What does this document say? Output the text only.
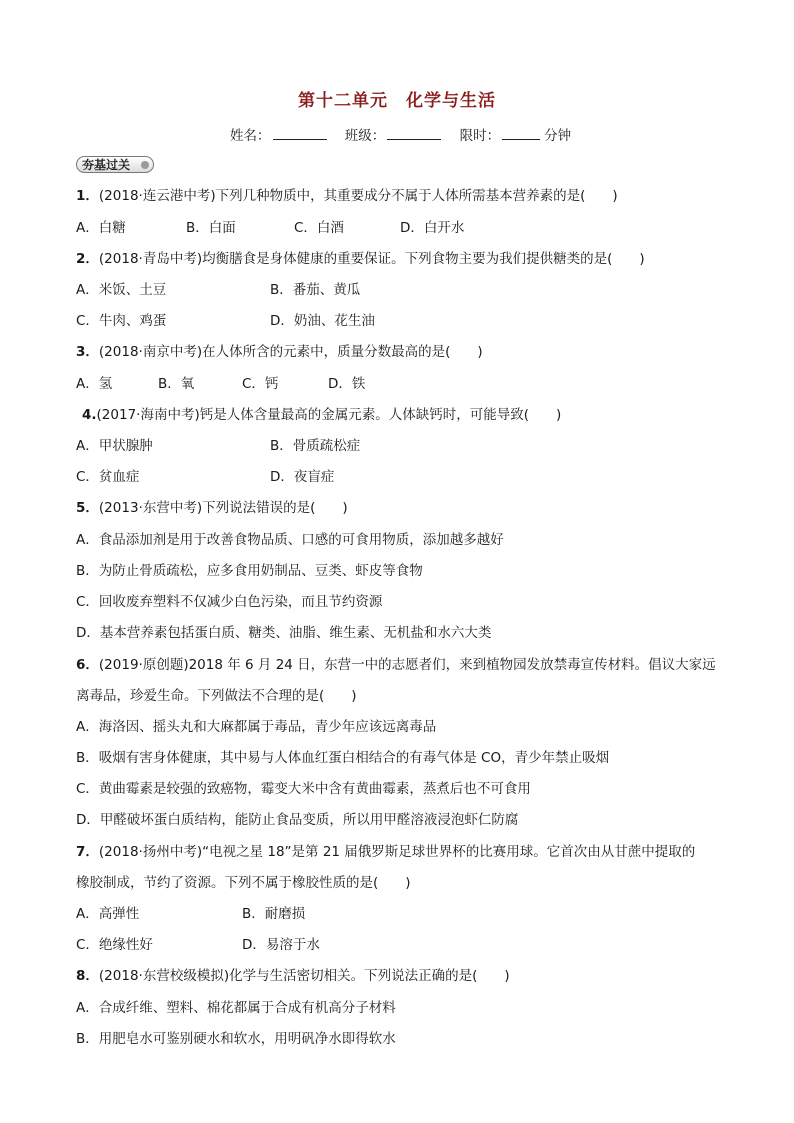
第十二单元　化学与生活
姓名：	班级：	限时：	分钟
夯基过关
1．(2018·连云港中考)下列几种物质中，其重要成分不属于人体所需基本营养素的是(　　)
A．白糖	B．白面	C．白酒	D．白开水
2．(2018·青岛中考)均衡膳食是身体健康的重要保证。下列食物主要为我们提供糖类的是(　　)
A．米饭、土豆	B．番茄、黄瓜
C．牛肉、鸡蛋	D．奶油、花生油
3．(2018·南京中考)在人体所含的元素中，质量分数最高的是(　　)
A．氢	B．氧	C．钙	D．铁
4.(2017·海南中考)钙是人体含量最高的金属元素。人体缺钙时，可能导致(　　)
A．甲状腺肿	B．骨质疏松症
C．贫血症	D．夜盲症
5．(2013·东营中考)下列说法错误的是(　　)
A．食品添加剂是用于改善食物品质、口感的可食用物质，添加越多越好
B．为防止骨质疏松，应多食用奶制品、豆类、虾皮等食物
C．回收废弃塑料不仅减少白色污染，而且节约资源
D．基本营养素包括蛋白质、糖类、油脂、维生素、无机盐和水六大类
6．(2019·原创题)2018 年 6 月 24 日，东营一中的志愿者们，来到植物园发放禁毒宣传材料。倡议大家远
离毒品，珍爱生命。下列做法不合理的是(　　)
A．海洛因、摇头丸和大麻都属于毒品，青少年应该远离毒品
B．吸烟有害身体健康，其中易与人体血红蛋白相结合的有毒气体是 CO，青少年禁止吸烟
C．黄曲霉素是较强的致癌物，霉变大米中含有黄曲霉素，蒸煮后也不可食用
D．甲醛破坏蛋白质结构，能防止食品变质，所以用甲醛溶液浸泡虾仁防腐
7．(2018·扬州中考)“电视之星 18”是第 21 届俄罗斯足球世界杯的比赛用球。它首次由从甘蔗中提取的
橡胶制成，节约了资源。下列不属于橡胶性质的是(　　)
A．高弹性	B．耐磨损
C．绝缘性好	D．易溶于水
8．(2018·东营校级模拟)化学与生活密切相关。下列说法正确的是(　　)
A．合成纤维、塑料、棉花都属于合成有机高分子材料
B．用肥皂水可鉴别硬水和软水，用明矾净水即得软水
